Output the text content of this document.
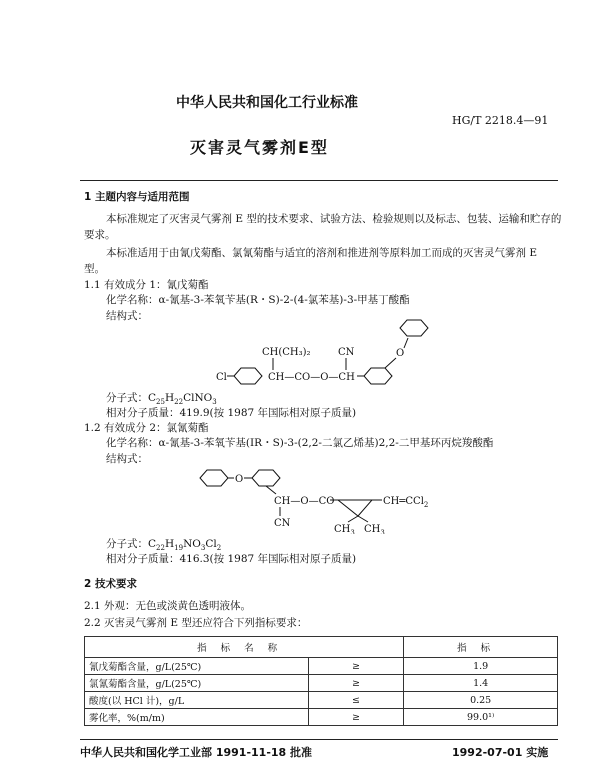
中华人民共和国化工行业标准
HG/T 2218.4—91
灭害灵气雾剂E型
1 主题内容与适用范围
本标准规定了灭害灵气雾剂 E 型的技术要求、试验方法、检验规则以及标志、包装、运输和贮存的
要求。
本标准适用于由氰戊菊酯、氯氰菊酯与适宜的溶剂和推进剂等原料加工而成的灭害灵气雾剂 E
型。
1.1 有效成分 1：氰戊菊酯
化学名称：α-氰基-3-苯氧苄基(R・S)-2-(4-氯苯基)-3-甲基丁酸酯
结构式：
CH(CH₃)₂	CN
Cl	CH—CO—O—CH
O
分子式：$C_{25}H_{22}ClNO_3$
相对分子质量：419.9(按 1987 年国际相对原子质量)
1.2 有效成分 2：氯氰菊酯
化学名称：α-氰基-3-苯氧苄基(IR・S)-3-(2,2-二氯乙烯基)2,2-二甲基环丙烷羧酸酯
结构式：
O
CH—O—CO
CN
CH═CCl$_2$
$CH_3$ $CH_3$
分子式：$C_{22}H_{19}NO_3Cl_2$
相对分子质量：416.3(按 1987 年国际相对原子质量)
2 技术要求
2.1 外观：无色或淡黄色透明液体。
2.2 灭害灵气雾剂 E 型还应符合下列指标要求：
指标名称		指标
氰戊菊酯含量，g/L(25℃)	≥	1.9
氯氰菊酯含量，g/L(25℃)	≥	1.4
酸度(以 HCl 计)，g/L	≤	0.25
雾化率，%(m/m)	≥	99.0¹⁾
中华人民共和国化学工业部 1991-11-18 批准	1992-07-01 实施
